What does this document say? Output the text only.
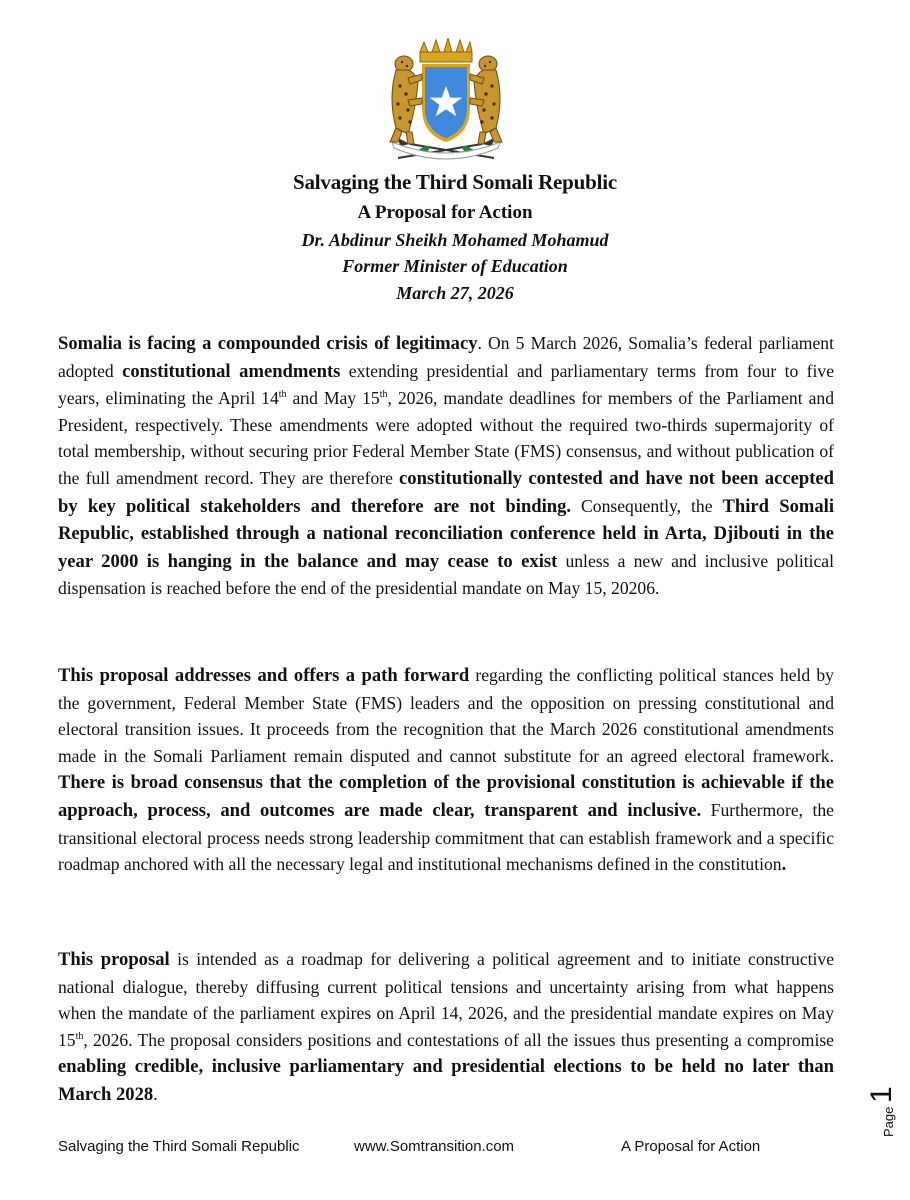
Salvaging the Third Somali Republic
A Proposal for Action
Dr. Abdinur Sheikh Mohamed Mohamud
Former Minister of Education
March 27, 2026

Somalia is facing a compounded crisis of legitimacy. On 5 March 2026, Somalia’s federal parliament adopted constitutional amendments extending presidential and parliamentary terms from four to five years, eliminating the April 14th and May 15th, 2026, mandate deadlines for members of the Parliament and President, respectively. These amendments were adopted without the required two-thirds supermajority of total membership, without securing prior Federal Member State (FMS) consensus, and without publication of the full amendment record. They are therefore constitutionally contested and have not been accepted by key political stakeholders and therefore are not binding. Consequently, the Third Somali Republic, established through a national reconciliation conference held in Arta, Djibouti in the year 2000 is hanging in the balance and may cease to exist unless a new and inclusive political dispensation is reached before the end of the presidential mandate on May 15, 20206.

This proposal addresses and offers a path forward regarding the conflicting political stances held by the government, Federal Member State (FMS) leaders and the opposition on pressing constitutional and electoral transition issues. It proceeds from the recognition that the March 2026 constitutional amendments made in the Somali Parliament remain disputed and cannot substitute for an agreed electoral framework. There is broad consensus that the completion of the provisional constitution is achievable if the approach, process, and outcomes are made clear, transparent and inclusive. Furthermore, the transitional electoral process needs strong leadership commitment that can establish framework and a specific roadmap anchored with all the necessary legal and institutional mechanisms defined in the constitution.

This proposal is intended as a roadmap for delivering a political agreement and to initiate constructive national dialogue, thereby diffusing current political tensions and uncertainty arising from what happens when the mandate of the parliament expires on April 14, 2026, and the presidential mandate expires on May 15th, 2026. The proposal considers positions and contestations of all the issues thus presenting a compromise enabling credible, inclusive parliamentary and presidential elections to be held no later than March 2028.

Salvaging the Third Somali Republic	www.Somtransition.com	A Proposal for Action
Page
1
